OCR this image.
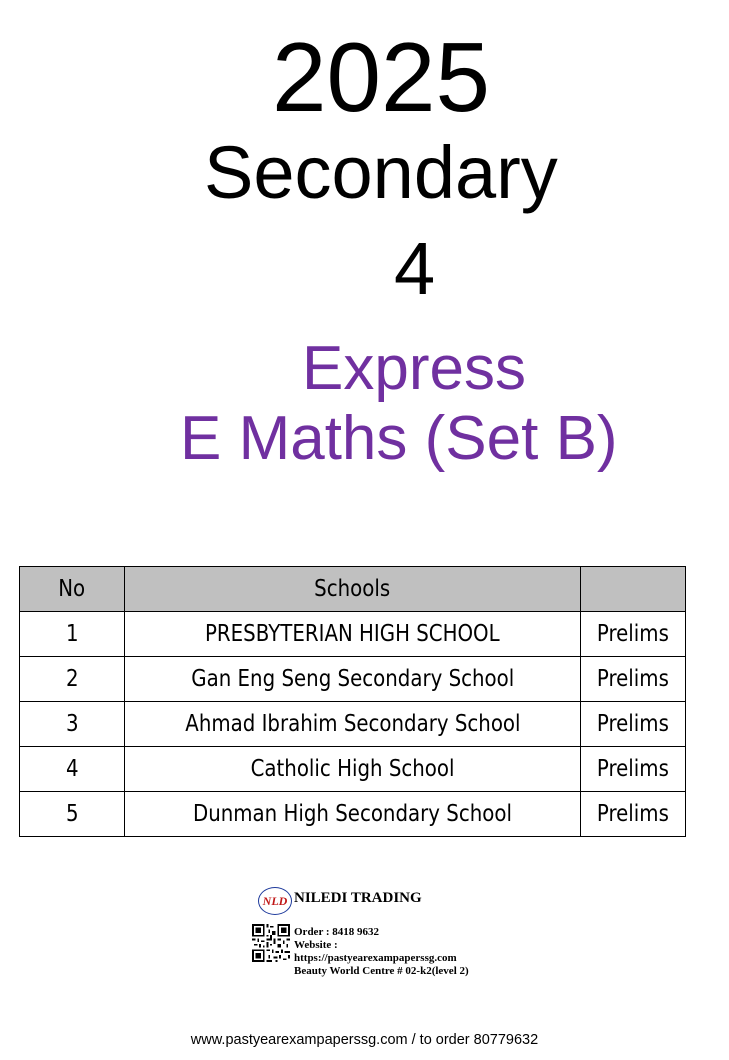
2025
Secondary
4
Express
E Maths (Set B)
No	Schools	
1	PRESBYTERIAN HIGH SCHOOL	Prelims
2	Gan Eng Seng Secondary School	Prelims
3	Ahmad Ibrahim Secondary School	Prelims
4	Catholic High School	Prelims
5	Dunman High Secondary School	Prelims
NLD NILEDI TRADING
Order : 8418 9632
Website :
https://pastyearexampaperssg.com
Beauty World Centre # 02-k2(level 2)
www.pastyearexampaperssg.com / to order 80779632
